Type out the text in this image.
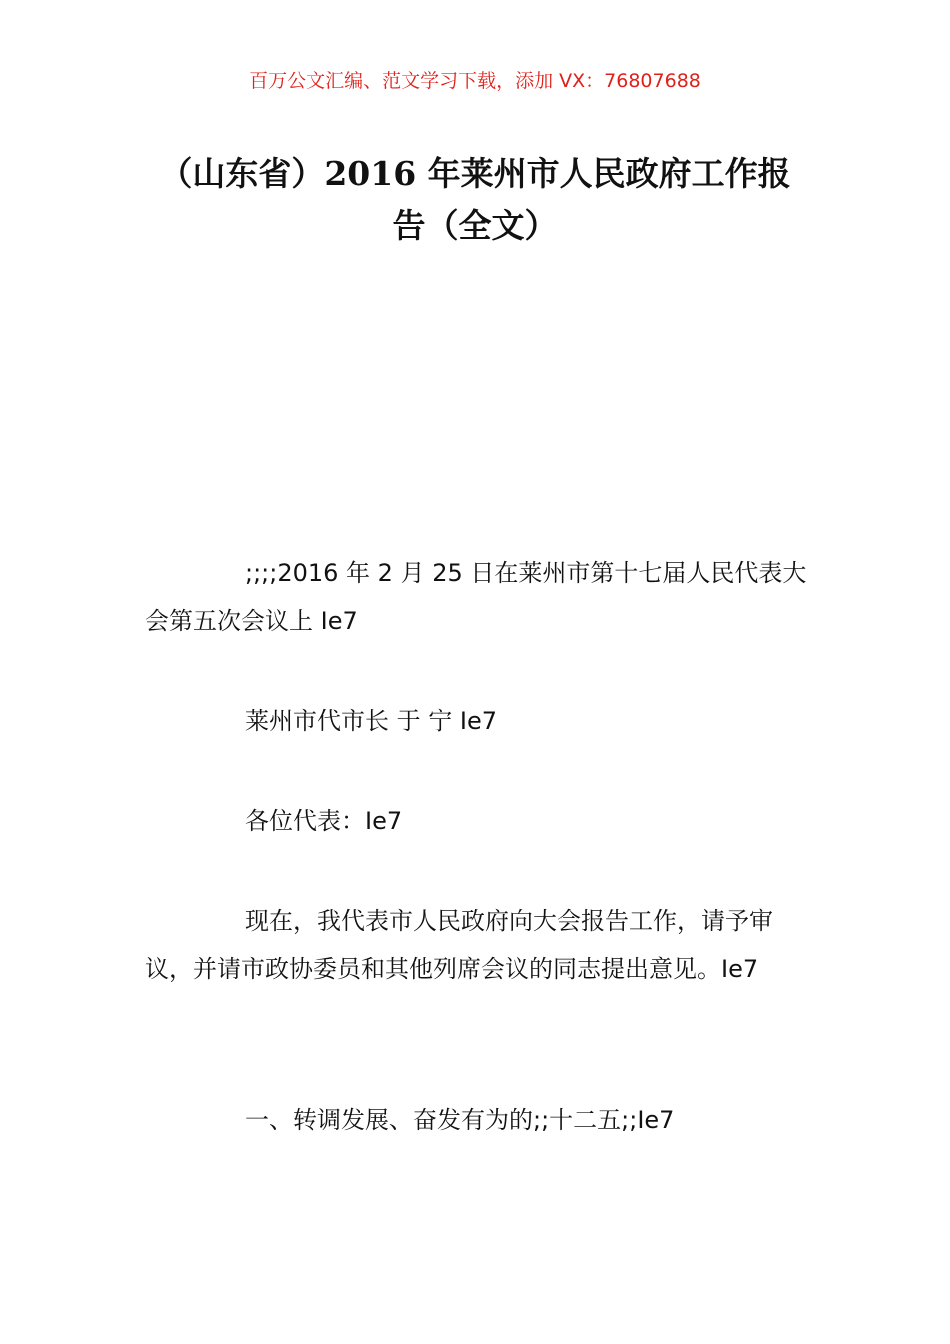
百万公文汇编、范文学习下载，添加 VX：76807688
（山东省）2016 年莱州市人民政府工作报
告（全文）
;;;;2016 年 2 月 25 日在莱州市第十七届人民代表大会第五次会议上 Ie7
莱州市代市长 于 宁 Ie7
各位代表：Ie7
现在，我代表市人民政府向大会报告工作，请予审议，并请市政协委员和其他列席会议的同志提出意见。Ie7
一、转调发展、奋发有为的;;十二五;;Ie7
